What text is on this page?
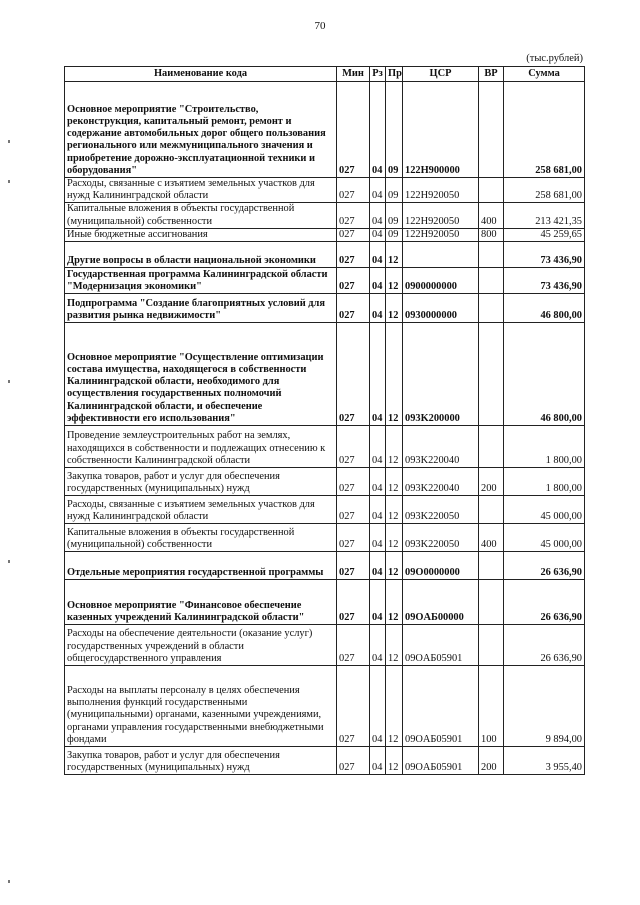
70
(тыс.рублей)
Наименование кода	Мин	Рз	Пр	ЦСР	ВР	Сумма
Основное мероприятие "Строительство, реконструкция, капитальный ремонт, ремонт и содержание автомобильных дорог общего пользования регионального или межмуниципального значения и приобретение дорожно-эксплуатационной техники и оборудования"	027	04	09	122H900000		258 681,00
Расходы, связанные с изъятием земельных участков для нужд Калининградской области	027	04	09	122H920050		258 681,00
Капитальные вложения в объекты государственной (муниципальной) собственности	027	04	09	122H920050	400	213 421,35
Иные бюджетные ассигнования	027	04	09	122H920050	800	45 259,65
Другие вопросы в области национальной экономики	027	04	12			73 436,90
Государственная программа Калининградской области "Модернизация экономики"	027	04	12	0900000000		73 436,90
Подпрограмма "Создание благоприятных условий для развития рынка недвижимости"	027	04	12	0930000000		46 800,00
Основное мероприятие "Осуществление оптимизации состава имущества, находящегося в собственности Калининградской области, необходимого для осуществления государственных полномочий Калининградской области, и обеспечение эффективности его использования"	027	04	12	093K200000		46 800,00
Проведение землеустроительных работ на землях, находящихся в собственности и подлежащих отнесению к собственности Калининградской области	027	04	12	093K220040		1 800,00
Закупка товаров, работ и услуг для обеспечения государственных (муниципальных) нужд	027	04	12	093K220040	200	1 800,00
Расходы, связанные с изъятием земельных участков для нужд Калининградской области	027	04	12	093K220050		45 000,00
Капитальные вложения в объекты государственной (муниципальной) собственности	027	04	12	093K220050	400	45 000,00
Отдельные мероприятия государственной программы	027	04	12	09O0000000		26 636,90
Основное мероприятие "Финансовое обеспечение казенных учреждений Калининградской области"	027	04	12	09OAБ00000		26 636,90
Расходы на обеспечение деятельности (оказание услуг) государственных учреждений в области общегосударственного управления	027	04	12	09OAБ05901		26 636,90
Расходы на выплаты персоналу в целях обеспечения выполнения функций государственными (муниципальными) органами, казенными учреждениями, органами управления государственными внебюджетными фондами	027	04	12	09OAБ05901	100	9 894,00
Закупка товаров, работ и услуг для обеспечения государственных (муниципальных) нужд	027	04	12	09OAБ05901	200	3 955,40
